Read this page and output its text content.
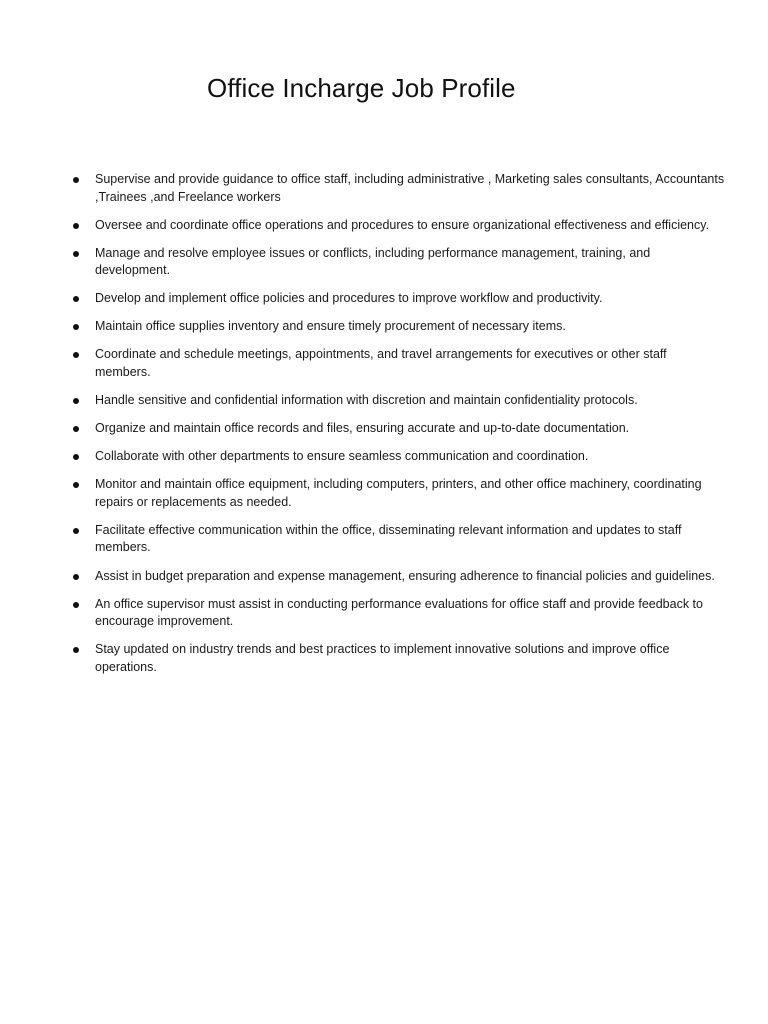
Office Incharge Job Profile
Supervise and provide guidance to office staff, including administrative , Marketing sales consultants, Accountants ,Trainees ,and Freelance workers
Oversee and coordinate office operations and procedures to ensure organizational effectiveness and efficiency.
Manage and resolve employee issues or conflicts, including performance management, training, and development.
Develop and implement office policies and procedures to improve workflow and productivity.
Maintain office supplies inventory and ensure timely procurement of necessary items.
Coordinate and schedule meetings, appointments, and travel arrangements for executives or other staff members.
Handle sensitive and confidential information with discretion and maintain confidentiality protocols.
Organize and maintain office records and files, ensuring accurate and up-to-date documentation.
Collaborate with other departments to ensure seamless communication and coordination.
Monitor and maintain office equipment, including computers, printers, and other office machinery, coordinating repairs or replacements as needed.
Facilitate effective communication within the office, disseminating relevant information and updates to staff members.
Assist in budget preparation and expense management, ensuring adherence to financial policies and guidelines.
An office supervisor must assist in conducting performance evaluations for office staff and provide feedback to encourage improvement.
Stay updated on industry trends and best practices to implement innovative solutions and improve office operations.
